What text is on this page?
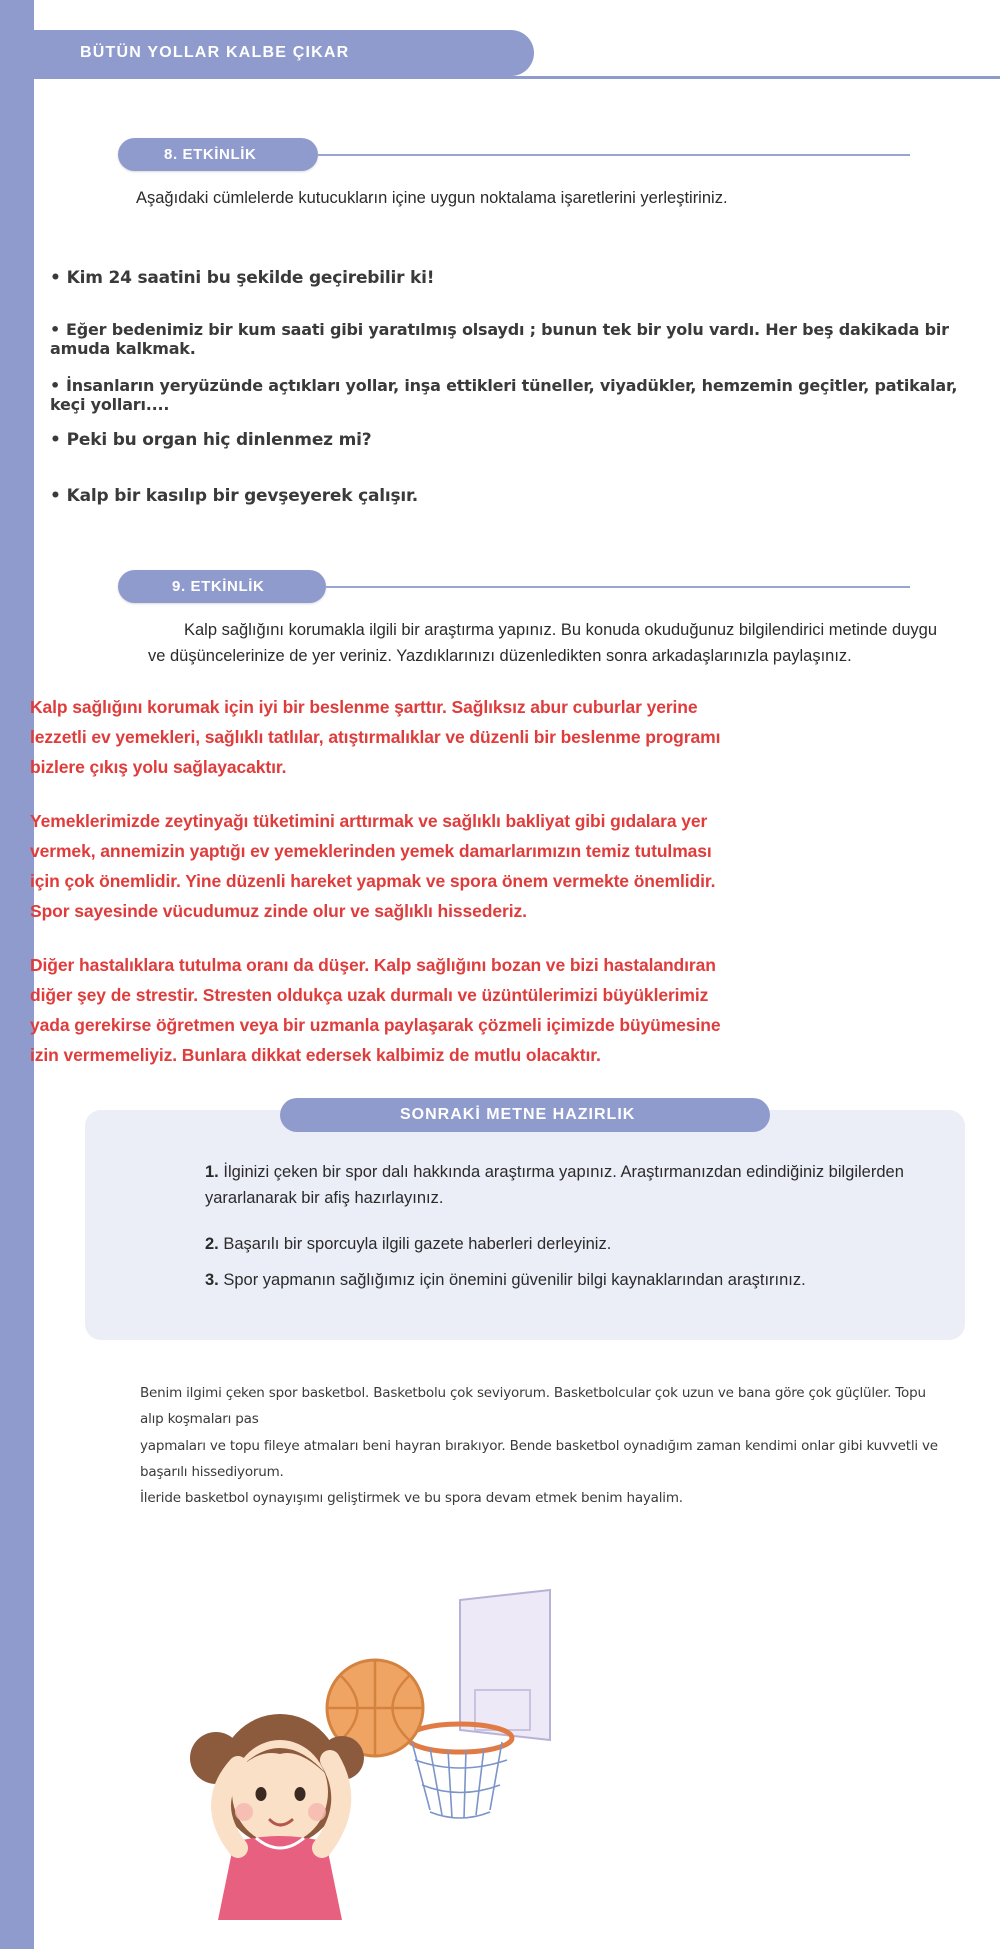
BÜTÜN YOLLAR KALBE ÇIKAR
8. ETKİNLİK
Aşağıdaki cümlelerde kutucukların içine uygun noktalama işaretlerini yerleştiriniz.
• Kim 24 saatini bu şekilde geçirebilir ki!
• Eğer bedenimiz bir kum saati gibi yaratılmış olsaydı ; bunun tek bir yolu vardı. Her beş dakikada bir amuda kalkmak.
• İnsanların yeryüzünde açtıkları yollar, inşa ettikleri tüneller, viyadükler, hemzemin geçitler, patikalar, keçi yolları....
• Peki bu organ hiç dinlenmez mi?
• Kalp bir kasılıp bir gevşeyerek çalışır.
9. ETKİNLİK
Kalp sağlığını korumakla ilgili bir araştırma yapınız. Bu konuda okuduğunuz bilgilendirici metinde duygu ve düşüncelerinize de yer veriniz. Yazdıklarınızı düzenledikten sonra arkadaşlarınızla paylaşınız.
Kalp sağlığını korumak için iyi bir beslenme şarttır. Sağlıksız abur cuburlar yerine
lezzetli ev yemekleri, sağlıklı tatlılar, atıştırmalıklar ve düzenli bir beslenme programı
bizlere çıkış yolu sağlayacaktır.
Yemeklerimizde zeytinyağı tüketimini arttırmak ve sağlıklı bakliyat gibi gıdalara yer
vermek, annemizin yaptığı ev yemeklerinden yemek damarlarımızın temiz tutulması
için çok önemlidir. Yine düzenli hareket yapmak ve spora önem vermekte önemlidir.
Spor sayesinde vücudumuz zinde olur ve sağlıklı hissederiz.
Diğer hastalıklara tutulma oranı da düşer. Kalp sağlığını bozan ve bizi hastalandıran
diğer şey de strestir. Stresten oldukça uzak durmalı ve üzüntülerimizi büyüklerimiz
yada gerekirse öğretmen veya bir uzmanla paylaşarak çözmeli içimizde büyümesine
izin vermemeliyiz. Bunlara dikkat edersek kalbimiz de mutlu olacaktır.
SONRAKİ METNE HAZIRLIK
1. İlginizi çeken bir spor dalı hakkında araştırma yapınız. Araştırmanızdan edindiğiniz bilgilerden yararlanarak bir afiş hazırlayınız.
2. Başarılı bir sporcuyla ilgili gazete haberleri derleyiniz.
3. Spor yapmanın sağlığımız için önemini güvenilir bilgi kaynaklarından araştırınız.
Benim ilgimi çeken spor basketbol. Basketbolu çok seviyorum. Basketbolcular çok uzun ve bana göre çok güçlüler. Topu alıp koşmaları pas
yapmaları ve topu fileye atmaları beni hayran bırakıyor. Bende basketbol oynadığım zaman kendimi onlar gibi kuvvetli ve başarılı hissediyorum.
İleride basketbol oynayışımı geliştirmek ve bu spora devam etmek benim hayalim.
220
